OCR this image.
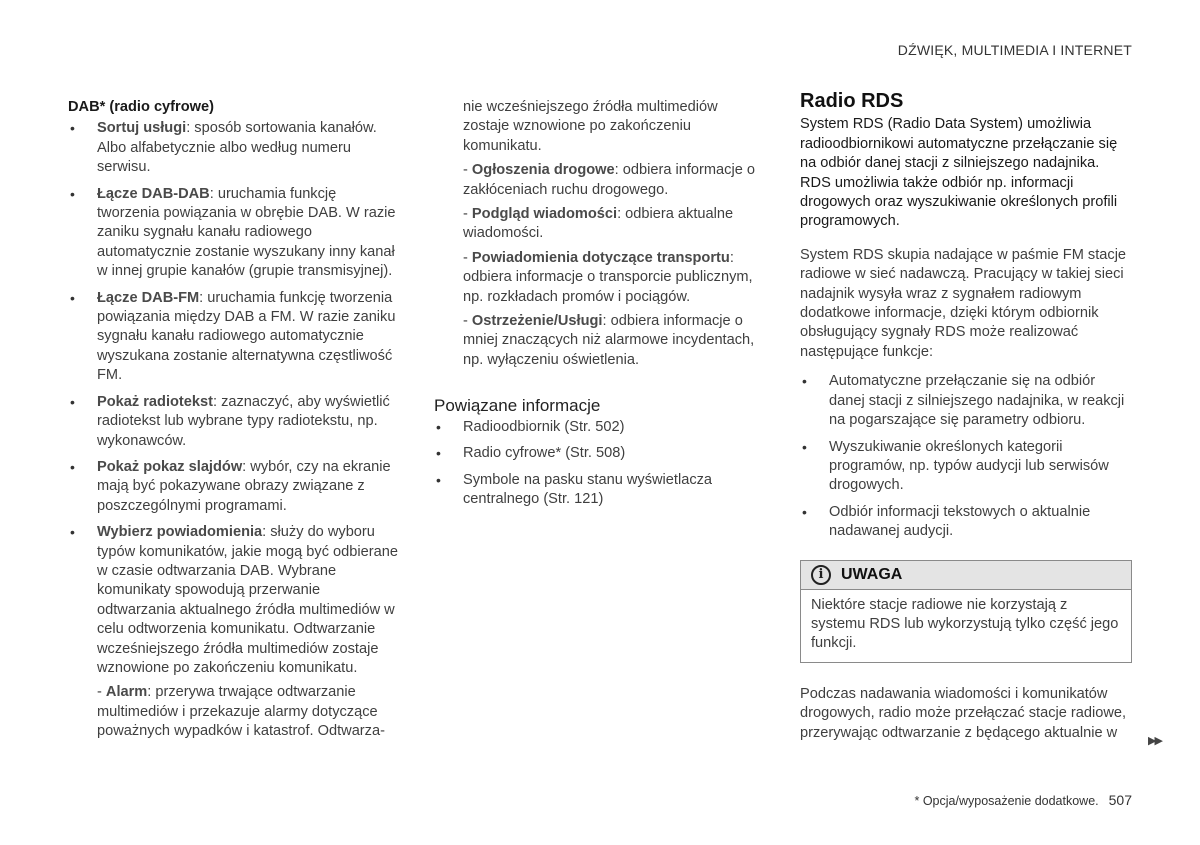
DŹWIĘK, MULTIMEDIA I INTERNET
DAB* (radio cyfrowe)
• Sortuj usługi: sposób sortowania kanałów. Albo alfabetycznie albo według numeru serwisu.
• Łącze DAB-DAB: uruchamia funkcję tworzenia powiązania w obrębie DAB. W razie zaniku sygnału kanału radiowego automatycznie zostanie wyszukany inny kanał w innej grupie kanałów (grupie transmisyjnej).
• Łącze DAB-FM: uruchamia funkcję tworzenia powiązania między DAB a FM. W razie zaniku sygnału kanału radiowego automatycznie wyszukana zostanie alternatywna częstliwość FM.
• Pokaż radiotekst: zaznaczyć, aby wyświetlić radiotekst lub wybrane typy radiotekstu, np. wykonawców.
• Pokaż pokaz slajdów: wybór, czy na ekranie mają być pokazywane obrazy związane z poszczególnymi programami.
• Wybierz powiadomienia: służy do wyboru typów komunikatów, jakie mogą być odbierane w czasie odtwarzania DAB. Wybrane komunikaty spowodują przerwanie odtwarzania aktualnego źródła multimediów w celu odtworzenia komunikatu. Odtwarzanie wcześniejszego źródła multimediów zostaje wznowione po zakończeniu komunikatu.

- Alarm: przerywa trwające odtwarzanie multimediów i przekazuje alarmy dotyczące poważnych wypadków i katastrof. Odtwarza-

nie wcześniejszego źródła multimediów zostaje wznowione po zakończeniu komunikatu.

- Ogłoszenia drogowe: odbiera informacje o zakłóceniach ruchu drogowego.

- Podgląd wiadomości: odbiera aktualne wiadomości.

- Powiadomienia dotyczące transportu: odbiera informacje o transporcie publicznym, np. rozkładach promów i pociągów.

- Ostrzeżenie/Usługi: odbiera informacje o mniej znaczących niż alarmowe incydentach, np. wyłączeniu oświetlenia.

Powiązane informacje
• Radioodbiornik (Str. 502)
• Radio cyfrowe* (Str. 508)
• Symbole na pasku stanu wyświetlacza centralnego (Str. 121)
Radio RDS
System RDS (Radio Data System) umożliwia radioodbiornikowi automatyczne przełączanie się na odbiór danej stacji z silniejszego nadajnika. RDS umożliwia także odbiór np. informacji drogowych oraz wyszukiwanie określonych profili programowych.
System RDS skupia nadające w paśmie FM stacje radiowe w sieć nadawczą. Pracujący w takiej sieci nadajnik wysyła wraz z sygnałem radiowym dodatkowe informacje, dzięki którym odbiornik obsługujący sygnały RDS może realizować następujące funkcje:
• Automatyczne przełączanie się na odbiór danej stacji z silniejszego nadajnika, w reakcji na pogarszające się parametry odbioru.
• Wyszukiwanie określonych kategorii programów, np. typów audycji lub serwisów drogowych.
• Odbiór informacji tekstowych o aktualnie nadawanej audycji.
i	UWAGA
Niektóre stacje radiowe nie korzystają z systemu RDS lub wykorzystują tylko część jego funkcji.
Podczas nadawania wiadomości i komunikatów drogowych, radio może przełączać stacje radiowe, przerywając odtwarzanie z będącego aktualnie w
▶▶
* Opcja/wyposażenie dodatkowe. 507
